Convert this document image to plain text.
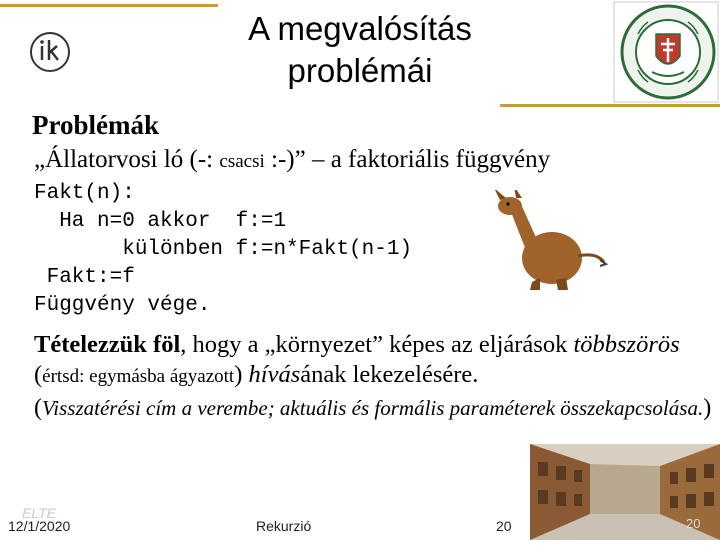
A megvalósítás problémái
Problémák
„Állatorvosi ló (-: csacsi :-)” – a faktoriális függvény
Fakt(n):
Ha n=0 akkor  f:=1
különben f:=n*Fakt(n-1)
Fakt:=f
Függvény vége.
Tételezzük föl, hogy a „környezet” képes az eljárások többszörös (értsd: egymásba ágyazott) hívásának lekezelésére.
(Visszatérési cím a verembe; aktuális és formális paraméterek összekapcsolása.)
ELTE
12/1/2020	Rekurzió	20	20
